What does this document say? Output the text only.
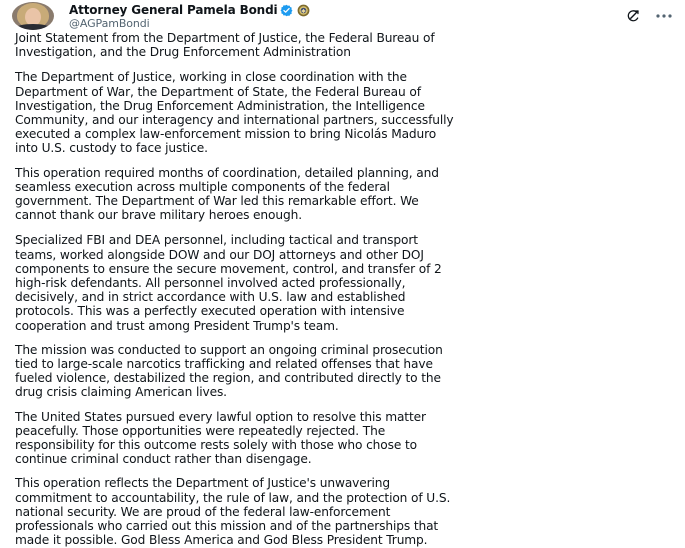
Attorney General Pamela Bondi
@AGPamBondi

Joint Statement from the Department of Justice, the Federal Bureau of
Investigation, and the Drug Enforcement Administration

The Department of Justice, working in close coordination with the
Department of War, the Department of State, the Federal Bureau of
Investigation, the Drug Enforcement Administration, the Intelligence
Community, and our interagency and international partners, successfully
executed a complex law-enforcement mission to bring Nicolás Maduro
into U.S. custody to face justice.

This operation required months of coordination, detailed planning, and
seamless execution across multiple components of the federal
government. The Department of War led this remarkable effort. We
cannot thank our brave military heroes enough.

Specialized FBI and DEA personnel, including tactical and transport
teams, worked alongside DOW and our DOJ attorneys and other DOJ
components to ensure the secure movement, control, and transfer of 2
high-risk defendants. All personnel involved acted professionally,
decisively, and in strict accordance with U.S. law and established
protocols. This was a perfectly executed operation with intensive
cooperation and trust among President Trump's team.

The mission was conducted to support an ongoing criminal prosecution
tied to large-scale narcotics trafficking and related offenses that have
fueled violence, destabilized the region, and contributed directly to the
drug crisis claiming American lives.

The United States pursued every lawful option to resolve this matter
peacefully. Those opportunities were repeatedly rejected. The
responsibility for this outcome rests solely with those who chose to
continue criminal conduct rather than disengage.

This operation reflects the Department of Justice's unwavering
commitment to accountability, the rule of law, and the protection of U.S.
national security. We are proud of the federal law-enforcement
professionals who carried out this mission and of the partnerships that
made it possible. God Bless America and God Bless President Trump.
